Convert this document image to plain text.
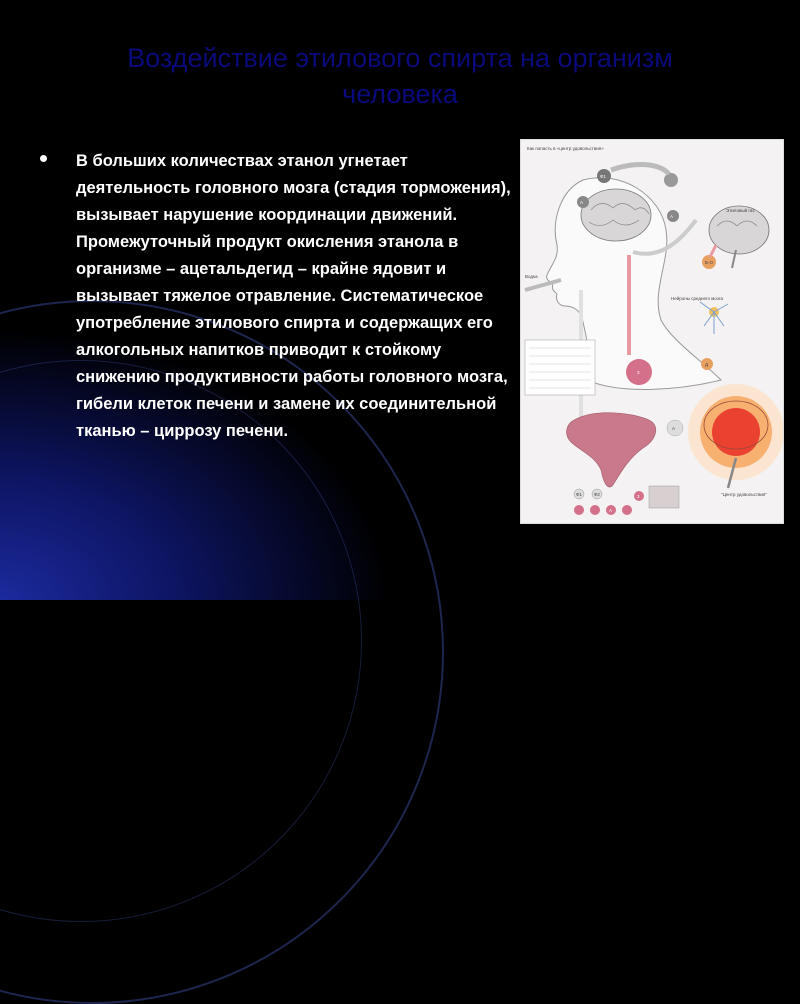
Воздействие этилового спирта на организм
человека
В больших количествах этанол угнетает деятельность головного мозга (стадия торможения), вызывает нарушение координации движений. Промежуточный продукт окисления этанола в организме – ацетальдегид – крайне ядовит и вызывает тяжелое отравление. Систематическое употребление этилового спирта и содержащих его алкогольных напитков приводит к стойкому снижению продуктивности работы головного мозга, гибели клеток печени и замене их соединительной тканью – циррозу печени.
Как попасть в «центр удовольствия»
Ф1
А
А
Этиловый газ
Б-О
Нейроны среднего мозга
Водка
3
А
Д
"Центр удовольствия"
Ф1	Ф2
А
3
